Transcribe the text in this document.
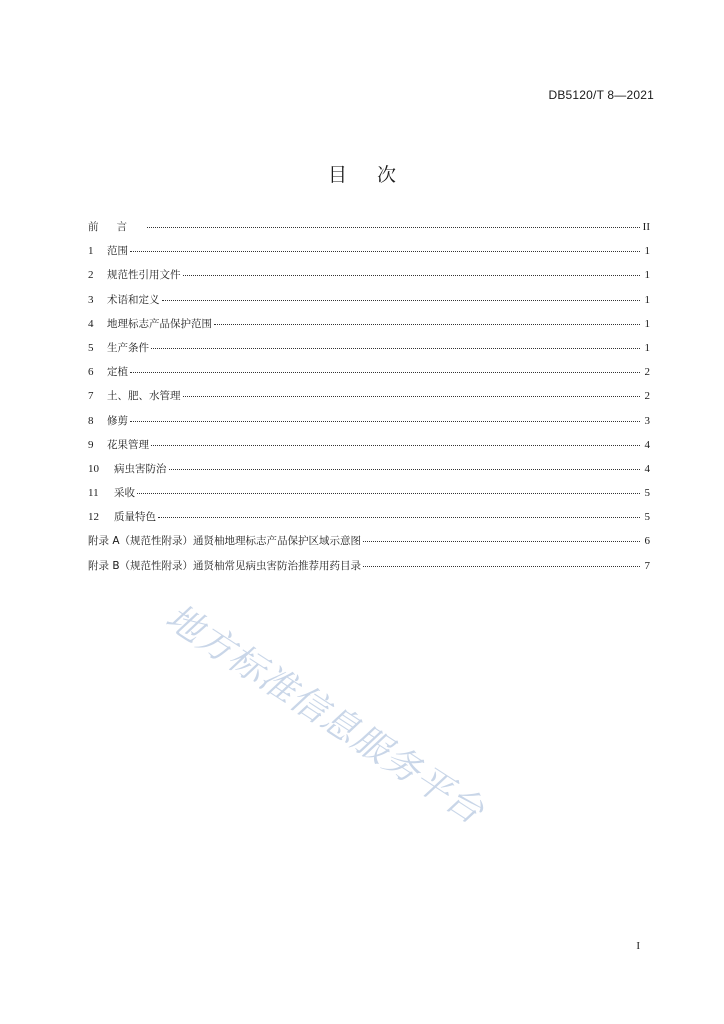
DB5120/T 8—2021
目次
前言	II
1	范围	1
2	规范性引用文件	1
3	术语和定义	1
4	地理标志产品保护范围	1
5	生产条件	1
6	定植	2
7	土、肥、水管理	2
8	修剪	3
9	花果管理	4
10	病虫害防治	4
11	采收	5
12	质量特色	5
附录 A（规范性附录）通贤柚地理标志产品保护区域示意图	6
附录 B（规范性附录）通贤柚常见病虫害防治推荐用药目录	7
地方标准信息服务平台
I
